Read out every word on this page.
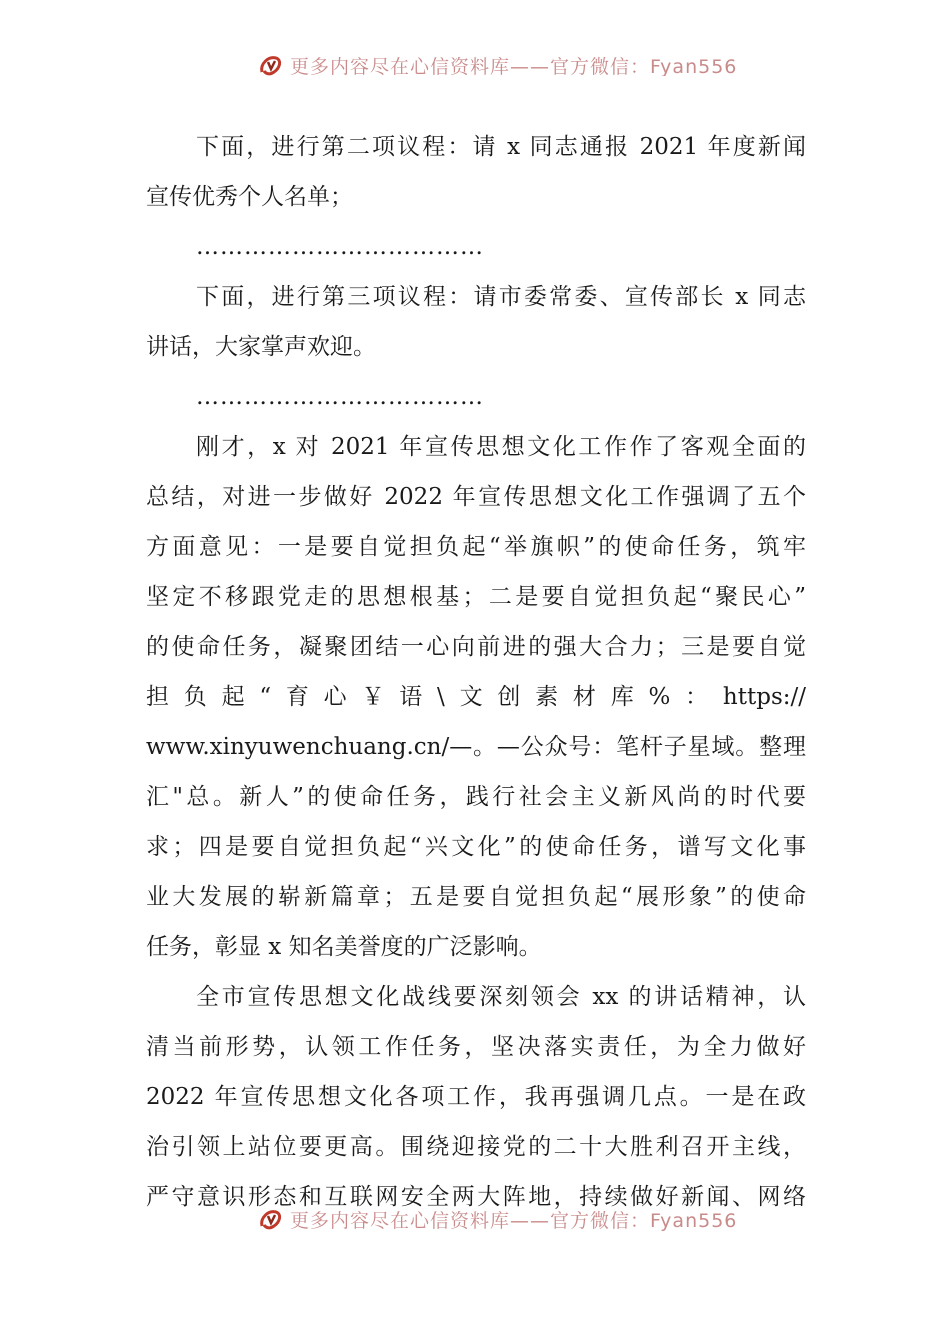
更多内容尽在心信资料库——官方微信：Fyan556
下面，进行第二项议程：请 x 同志通报 2021 年度新闻
宣传优秀个人名单；
………………………………
下面，进行第三项议程：请市委常委、宣传部长 x 同志
讲话，大家掌声欢迎。
………………………………
刚才，x 对 2021 年宣传思想文化工作作了客观全面的
总结，对进一步做好 2022 年宣传思想文化工作强调了五个
方面意见：一是要自觉担负起“举旗帜”的使命任务，筑牢
坚定不移跟党走的思想根基；二是要自觉担负起“聚民心”
的使命任务，凝聚团结一心向前进的强大合力；三是要自觉
担负起“育心￥语\文创素材库%：https://
www.xinyuwenchuang.cn/—。—公众号：笔杆子星域。整理
汇"总。新人”的使命任务，践行社会主义新风尚的时代要
求；四是要自觉担负起“兴文化”的使命任务，谱写文化事
业大发展的崭新篇章；五是要自觉担负起“展形象”的使命
任务，彰显 x 知名美誉度的广泛影响。
全市宣传思想文化战线要深刻领会 xx 的讲话精神，认
清当前形势，认领工作任务，坚决落实责任，为全力做好
2022 年宣传思想文化各项工作，我再强调几点。一是在政
治引领上站位要更高。围绕迎接党的二十大胜利召开主线，
严守意识形态和互联网安全两大阵地，持续做好新闻、网络
更多内容尽在心信资料库——官方微信：Fyan556
